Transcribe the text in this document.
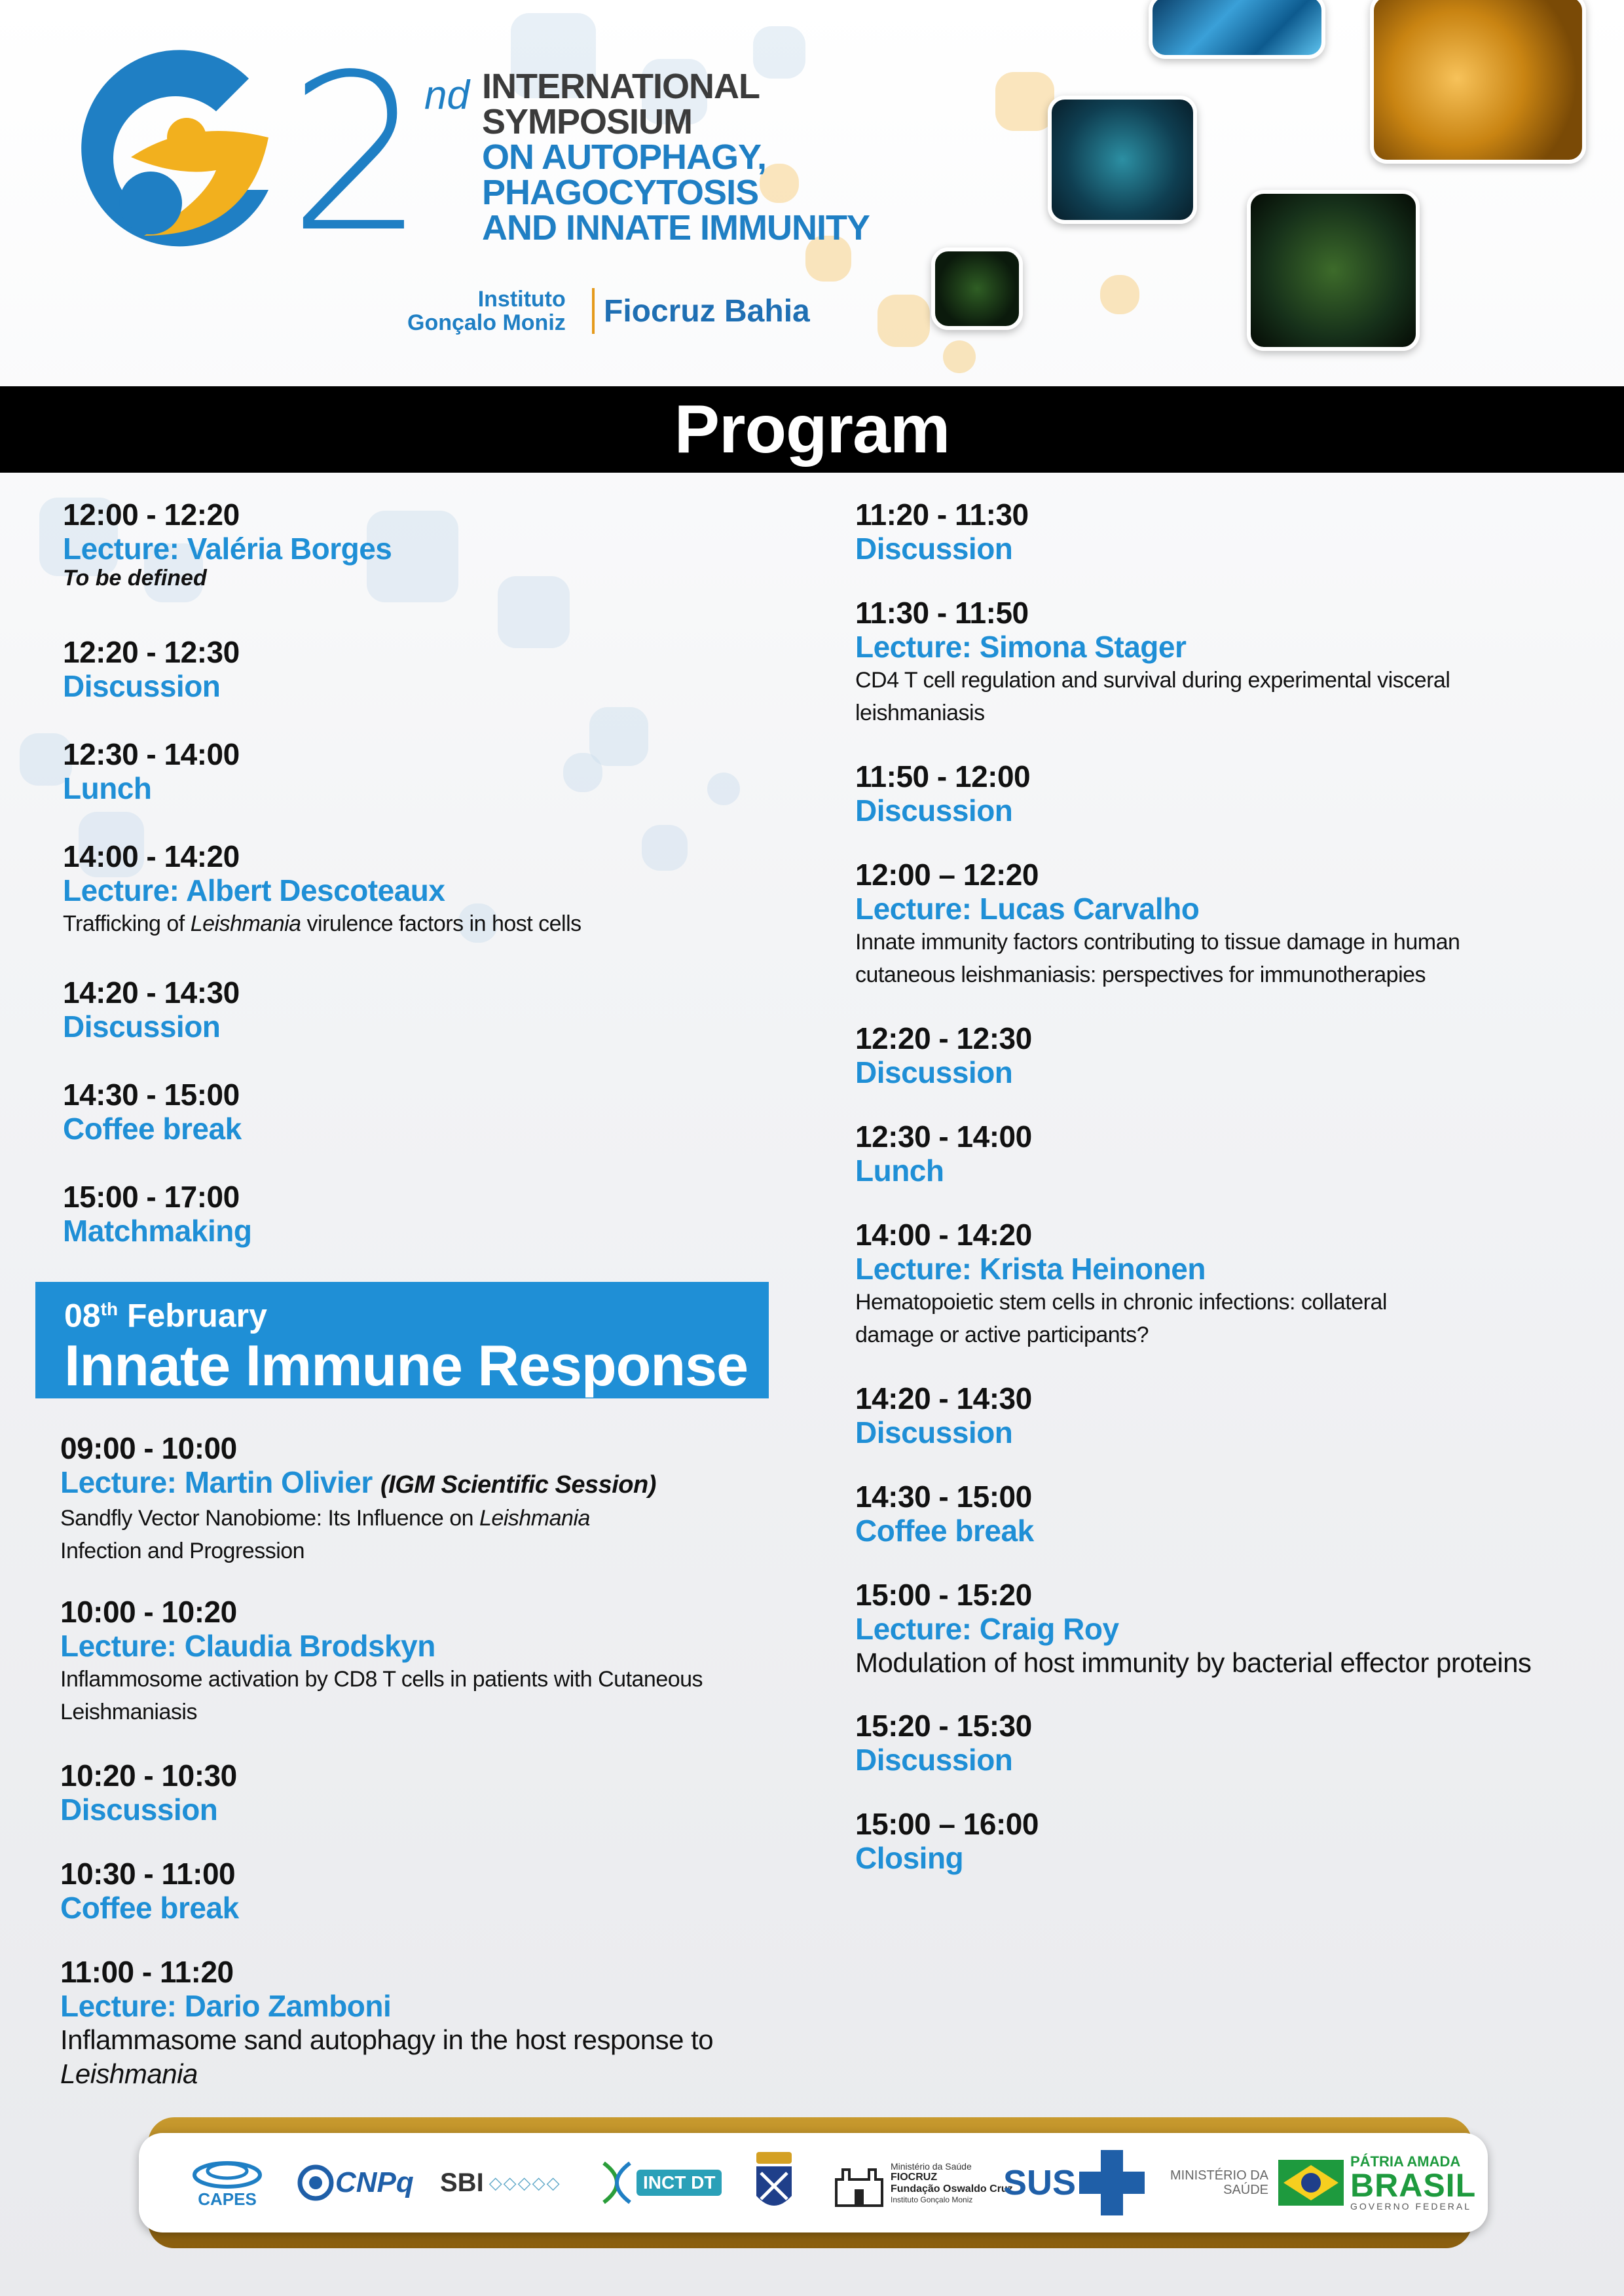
2 nd INTERNATIONAL
SYMPOSIUM
ON AUTOPHAGY,
PHAGOCYTOSIS
AND INNATE IMMUNITY
Instituto
Gonçalo Moniz Fiocruz Bahia
Program
12:00 - 12:20
Lecture: Valéria Borges
To be defined
12:20 - 12:30
Discussion
12:30 - 14:00
Lunch
14:00 - 14:20
Lecture: Albert Descoteaux
Trafficking of Leishmania virulence factors in host cells
14:20 - 14:30
Discussion
14:30 - 15:00
Coffee break
15:00 - 17:00
Matchmaking
08th February
Innate Immune Response
09:00 - 10:00
Lecture: Martin Olivier (IGM Scientific Session)
Sandfly Vector Nanobiome: Its Influence on Leishmania
Infection and Progression
10:00 - 10:20
Lecture: Claudia Brodskyn
Inflammosome activation by CD8 T cells in patients with Cutaneous
Leishmaniasis
10:20 - 10:30
Discussion
10:30 - 11:00
Coffee break
11:00 - 11:20
Lecture: Dario Zamboni
Inflammasome sand autophagy in the host response to
Leishmania
11:20 - 11:30
Discussion
11:30 - 11:50
Lecture: Simona Stager
CD4 T cell regulation and survival during experimental visceral
leishmaniasis
11:50 - 12:00
Discussion
12:00 – 12:20
Lecture: Lucas Carvalho
Innate immunity factors contributing to tissue damage in human
cutaneous leishmaniasis: perspectives for immunotherapies
12:20 - 12:30
Discussion
12:30 - 14:00
Lunch
14:00 - 14:20
Lecture: Krista Heinonen
Hematopoietic stem cells in chronic infections: collateral
damage or active participants?
14:20 - 14:30
Discussion
14:30 - 15:00
Coffee break
15:00 - 15:20
Lecture: Craig Roy
Modulation of host immunity by bacterial effector proteins
15:20 - 15:30
Discussion
15:00 – 16:00
Closing
CAPES
CNPq SBI ◇◇◇◇◇	INCT DT
Ministério da Saúde
FIOCRUZ
Fundação Oswaldo Cruz
Instituto Gonçalo Moniz SUS	MINISTÉRIO DA
SAÚDE
PÁTRIA AMADA
BRASIL
GOVERNO FEDERAL
